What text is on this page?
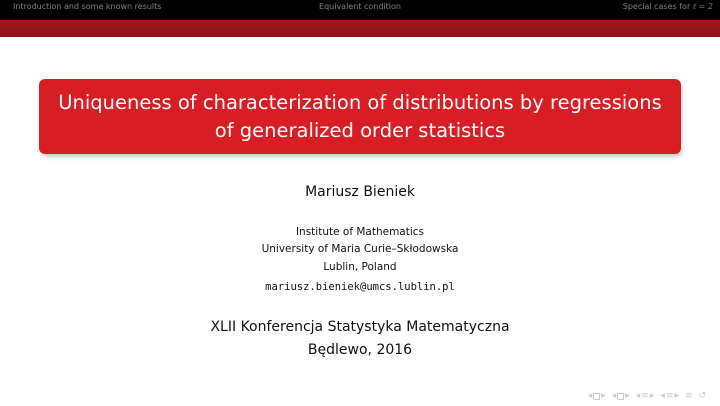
Introduction and some known results	Equivalent condition	Special cases for ℓ = 2
Uniqueness of characterization of distributions by regressions
of generalized order statistics
Mariusz Bieniek
Institute of Mathematics
University of Maria Curie–Skłodowska
Lublin, Poland
mariusz.bieniek@umcs.lublin.pl
XLII Konferencja Statystyka Matematyczna
Będlewo, 2016
◂ ▸ ◂ ▸ ◂ ≡ ▸ ◂ ≡ ▸ ≡ ↺
